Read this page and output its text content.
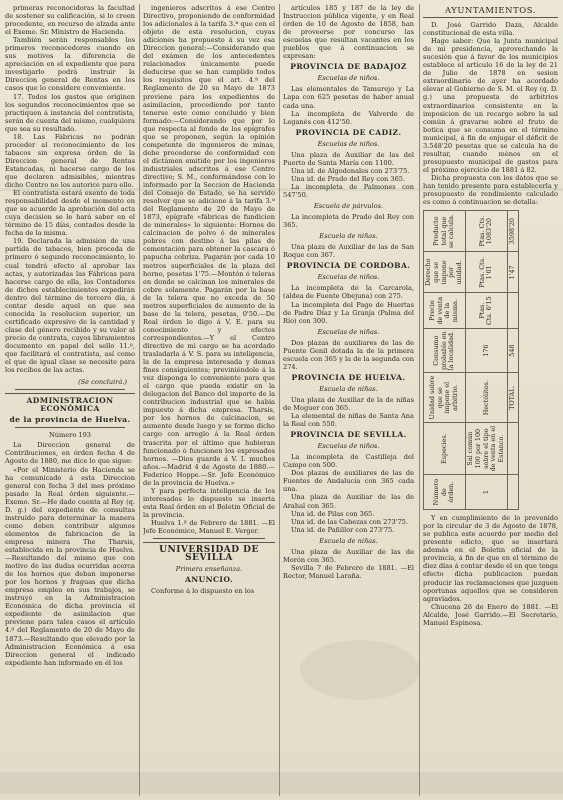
primeras reconocidoras la facultad de sostener su calificación, si lo creen procedente, en recurso de alzada ante el Exemo. Sr. Ministro de Hacienda.

También serán responsables los primeros reconocedores cuando en sus motivos la diferencia de apreciación en el expediente que para investigarlo podrá instruir la Direccion general de Rentas en los casos que lo considere conveniente.

17. Todos los gastos que originen los segundos reconocimientos que se practiquen á instancia del contratista, serán de cuenta del mismo, cualquiera que sea su resultado.

18. Las Fábricas no podrán proceder al reconocimiento de los tabacos sin expresa órden de la Direccion general de Rentas Estancadas, ni hacerse cargo de los que declaren admisibles, mientras dicho Centro no los autorice para ello.

El contratista estará exento de toda responsabilidad desde el momento en que se acuerde la aprobación del acta cuya decision se le hará saber en el término de 15 días, contados desde la fecha de la misma.

19. Declarada la admision de una partida de tabacos, bien proceda de primero ó segundo reconocimiento, lo cual tendrá efecto al aprobar las actas, y autorizadas las Fábricas para hacerse cargo de ella, los Contadores de dichos establecimientos expedirán dentro del término de tercero día, á contar desde aquel en que sea conocida la resolucion superior, un certificado expresivo de la cantidad y clase del género recibido y su valor al precio de contrata, cuyos libramientos documento en papel del sello 11.º, que facilitará el contratista, así como el que de igual clase se necesite para los recibos de las actas.

(Se concluirá.)
ADMINISTRACION ECONÓMICA
de la provincia de Huelva.
Número 193

La Direccion general de Contribuciones, en órden fecha 4 de Agosto de 1880, me dice lo que sigue:

«Por el Ministerio de Hacienda se ha comunicado á esta Direccion general con fecha 3 del mes próximo pasado la Real órden siguiente.—Exemo. Sr.—He dado cuenta al Rey (q. D. g.) del expediente de consultas instruido para determinar la manera como deben contribuir algunos elementos de fabricacion de la empresa minera The Tharsis, establecida en la provincia de Huelva.—Resultando del mismo que con motivo de las dudas ocurridas acerca de los hornos que deban imponerse por los hornos y fraguas que dicha empresa emplea en sus trabajos, se instruyó en la Administracion Económica de dicha provincia el expediente de asimilacion que previene para tales casos el artículo 4.º del Reglamento de 20 de Mayo de 1873.—Resultando que elevado por la Administracion Económica á esa Direccion general el indicado expediente han informado en él los

ingenieros adscritos á ese Centro Directivo, proponiendo de conformidad los adicionales á la tarifa 3.ª que con el objeto de esta resolucion, cuyas adiciones ha propuesto á su vez esa Direccion general:—Considerando que del exámen de los antecedentes relacionados únicamente puede deducirse que se han cumplido todos los requisitos que el art. 4.º del Reglamento de 20 su Mayo de 1873 previene para los expedientes de asimilacion, procediendo por tanto tenerse este como concluido y bien formado:—Considerando que por lo que respecta al fondo de los epígrafes que se proponen, según la opinión competente de ingenieros de minas, debe procederse de conformidad con el dictámen emitido por los ingenieros industriales adscritos á ese Centro directivo; S. M., conformándose con lo informado por la Seccion de Hacienda del Consejo de Estado, se ha servido resolver que se adicione á la tarifa 3.ª del Reglamento de 20 de Mayo de 1873, epígrafe «fábricas de fundicion de minerales» lo siguiente: Hornos de calcinacion de polvo ó de minerales pobres con destino á las pilas de cementacion para obtener la cascara ó papucha cobriza. Pagarán por cada 10 metros superficiales de la plaza del horno, pesetas 1'75.—Montón ó teleras en donde se calcinan los minerales de cobre solamente. Pagarán por la base de la telera que no exceda de 50 metros superficiales de aumento de la base de la telera, pesetas, 0'50.—De Real órden lo digo á V. E. para su conocimiento y efectos correspondientes.—Y el Centro directivo de mi cargo se ha acordado trasladarla á V. S. para su inteligencia, la de la empresa interesada y demas fines consiguientes; previniéndole á la vez disponga lo conveniente para que el cargo que pueda existir en la delegacion del Banco del importe de la contribucion industrial que se habia impuesto á dicha empresa. Tharsis, por los hornos de calcinacion, se aumente desde luego y se forme dicho cargo con arreglo á la Real órden trascrita por el último que hubieran funcionado ó funcionen los expresados hornos. —Dios guarde á V. I. muchos años.—Madrid 4 de Agosto de 1880.—Federico Hoppe.—Sr. Jefe Económico de la provincia de Huelva.»

Y para perfecta inteligencia de los interesados lo dispuesto se inserta esta Real órden en el Boletin Oficial de la provincia.

Huelva 1.º de Febrero de 1881. —El Jefe Económico, Manuel E. Verger.

UNIVERSIDAD DE SEVILLA
Primera enseñanza.
ANUNCIO.

Conforme á lo dispuesto en los

artículos 185 y 187 de la ley de Instruccion pública vigente, y en Real órden de 10 de Agosto de 1858, han de proveerse por concurso las escuelas que resultan vacantes en los pueblos que á continuacion se expresan:

PROVINCIA DE BADAJOZ
Escuelas de niños.

Las elementales de Tamurejo y La Lapa con 625 pesetas de haber anual cada una.

La incompleta de Valverde de Leganés con 412'50.

PROVINCIA DE CADIZ.
Escuelas de niños.

Una plaza de Auxiliar de las del Puerto de Santa María con 1100.

Una id. de Algodonales con 273'75.

Una id. de Prado del Rey con 365.

La incompleta de Palmones con 547'50.

Escuela de párvulos.

La incompleta de Prado del Rey con 365.

Escuela de niñas.

Una plaza de Auxiliar de las de San Roque con 367.

PROVINCIA DE CORDOBA.
Escuelas de niños.

La incompleta de la Carcarola, (aldea de Fuente Obejuna) con 275.

La incompleta del Pago de Huertas de Padre Díaz y La Granja (Palma del Río) con 300.

Escuelas de niñas.

Dos plazas de auxiliares de las de Puente Genil dotada la de la primera escuela con 365 y la de la segunda con 274.

PROVINCIA DE HUELVA.
Escuela de niñas.

Una plaza de Auxiliar de la de niñas de Moguer con 365.

La elemental de niñas de Santa Ana la Real con 550.

PROVINCIA DE SEVILLA.
Escuelas de niños.

La incompleta de Castilleja del Campo con 500.

Dos plazas de auxiliares de las de Fuentes de Andalucía con 365 cada una.

Una plaza de Auxiliar de las de Arahal con 365.

Una id. de Pilas con 365.

Una id. de las Cabezas con 273'75.

Una id. de Pañillor con 273'75.

Escuela de niñas.

Una plaza de Auxiliar de las de Morón con 365.

Sevilla 7 de Febrero de 1881. —El Rector, Manuel Laraña.

AYUNTAMIENTOS.

D. José Garrido Daza, Alcalde constitucional de esta villa.

Hago saber: Que la Junta municipal de mi presidencia, aprovechando la sucesión que á favor de los municipios establece el artículo 16 de la ley de 21 de Julio de 1878 en sesion extraordinaria de ayer ha acordado elevar al Gobierno de S. M. el Rey (q. D. g.) una propuesta de arbitrios extraordinarios consistente en la imposicion de un recargo sobre la sal común á gravarse sobre el fruto de botica que se consuma en el término municipal, á fin de enjugar el déficit de 3.548'20 pesetas que se calcula ha de resultar, cuando mènos en el presupuesto municipal de gastos para el próximo ejercicio de 1881 á 82.

Dicha propuesta con los datos que se han tenido presente para establecerla y presupuesto de rendimiento calculado es como á continuacion se detalla:

Número de órden.	Especies.	Unidad sobre que se impone el arbitrio.	Consumo probable en la localidad.	Precio de venta de la misma.	Derecho que se impone por unidad.	Producto total que se calcula.
1	Sal común 100 por 100 sobre el tipo de venta en el Estanco.	Hectólitos.	176	Ptas. Cts. 6'15	Ptas. Cts. 1'01	Ptas. Cts. 1083'20
		TOTAL.	548		1'47	3598'20

Y en cumplimiento de lo prevenido por la circular de 3 de Agosto de 1878, se publica este acuerdo por medio del presente edicto, que se insertará además en el Boletin oficial de la provincia, á fin de que en el término de diez días á contar desde el en que tenga efecto dicha publicacion puedan producir las reclamaciones que juzguen oportunas aquellos que se consideren agraviados.

Chucena 26 de Enero de 1881. —El Alcalde, José Garrido.—El Secretario, Manuel Espinosa.
